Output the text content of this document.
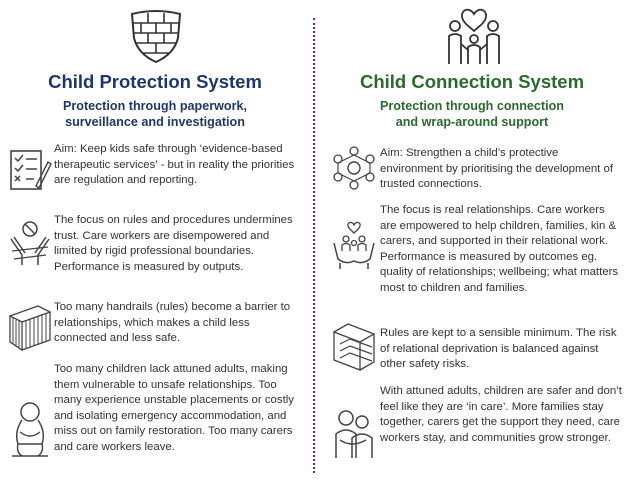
Child Protection System
Protection through paperwork,
surveillance and investigation
Aim: Keep kids safe through ‘evidence-based therapeutic services’ - but in reality the priorities are regulation and reporting.
The focus on rules and procedures undermines trust. Care workers are disempowered and limited by rigid professional boundaries. Performance is measured by outputs.
Too many handrails (rules) become a barrier to relationships, which makes a child less connected and less safe.
Too many children lack attuned adults, making them vulnerable to unsafe relationships. Too many experience unstable placements or costly and isolating emergency accommodation, and miss out on family restoration. Too many carers and care workers leave.
Child Connection System
Protection through connection
and wrap-around support
Aim: Strengthen a child’s protective environment by prioritising the development of trusted connections.
The focus is real relationships. Care workers are empowered to help children, families, kin & carers, and supported in their relational work. Performance is measured by outcomes eg. quality of relationships; wellbeing; what matters most to children and families.
Rules are kept to a sensible minimum. The risk of relational deprivation is balanced against other safety risks.
With attuned adults, children are safer and don’t feel like they are ‘in care’. More families stay together, carers get the support they need, care workers stay, and communities grow stronger.
